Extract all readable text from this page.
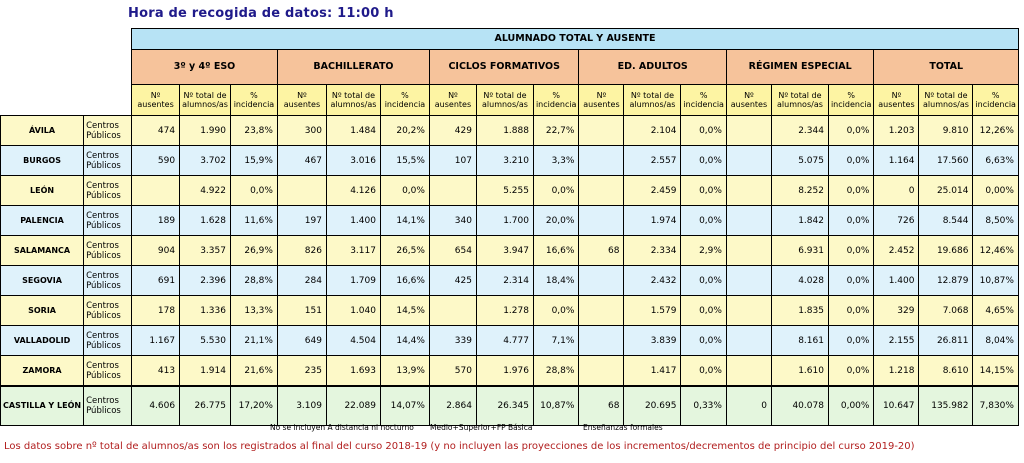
Hora de recogida de datos: 11:00 h
		ALUMNADO TOTAL Y AUSENTE																	
		3º y 4º ESO			BACHILLERATO			CICLOS FORMATIVOS			ED. ADULTOS			RÉGIMEN ESPECIAL			TOTAL		
		Nº ausentes	Nº total de alumnos/as	% incidencia	Nº ausentes	Nº total de alumnos/as	% incidencia	Nº ausentes	Nº total de alumnos/as	% incidencia	Nº ausentes	Nº total de alumnos/as	% incidencia	Nº ausentes	Nº total de alumnos/as	% incidencia	Nº ausentes	Nº total de alumnos/as	% incidencia
ÁVILA	Centros Públicos	474	1.990	23,8%	300	1.484	20,2%	429	1.888	22,7%		2.104	0,0%		2.344	0,0%	1.203	9.810	12,26%
BURGOS	Centros Públicos	590	3.702	15,9%	467	3.016	15,5%	107	3.210	3,3%		2.557	0,0%		5.075	0,0%	1.164	17.560	6,63%
LEÓN	Centros Públicos		4.922	0,0%		4.126	0,0%		5.255	0,0%		2.459	0,0%		8.252	0,0%	0	25.014	0,00%
PALENCIA	Centros Públicos	189	1.628	11,6%	197	1.400	14,1%	340	1.700	20,0%		1.974	0,0%		1.842	0,0%	726	8.544	8,50%
SALAMANCA	Centros Públicos	904	3.357	26,9%	826	3.117	26,5%	654	3.947	16,6%	68	2.334	2,9%		6.931	0,0%	2.452	19.686	12,46%
SEGOVIA	Centros Públicos	691	2.396	28,8%	284	1.709	16,6%	425	2.314	18,4%		2.432	0,0%		4.028	0,0%	1.400	12.879	10,87%
SORIA	Centros Públicos	178	1.336	13,3%	151	1.040	14,5%		1.278	0,0%		1.579	0,0%		1.835	0,0%	329	7.068	4,65%
VALLADOLID	Centros Públicos	1.167	5.530	21,1%	649	4.504	14,4%	339	4.777	7,1%		3.839	0,0%		8.161	0,0%	2.155	26.811	8,04%
ZAMORA	Centros Públicos	413	1.914	21,6%	235	1.693	13,9%	570	1.976	28,8%		1.417	0,0%		1.610	0,0%	1.218	8.610	14,15%
CASTILLA Y LEÓN	Centros Públicos	4.606	26.775	17,20%	3.109	22.089	14,07%	2.864	26.345	10,87%	68	20.695	0,33%	0	40.078	0,00%	10.647	135.982	7,830%
No se incluyen A distancia ni nocturno Medio+Superior+FP Básica	Enseñanzas formales
Los datos sobre nº total de alumnos/as son los registrados al final del curso 2018-19 (y no incluyen las proyecciones de los incrementos/decrementos de principio del curso 2019-20)
